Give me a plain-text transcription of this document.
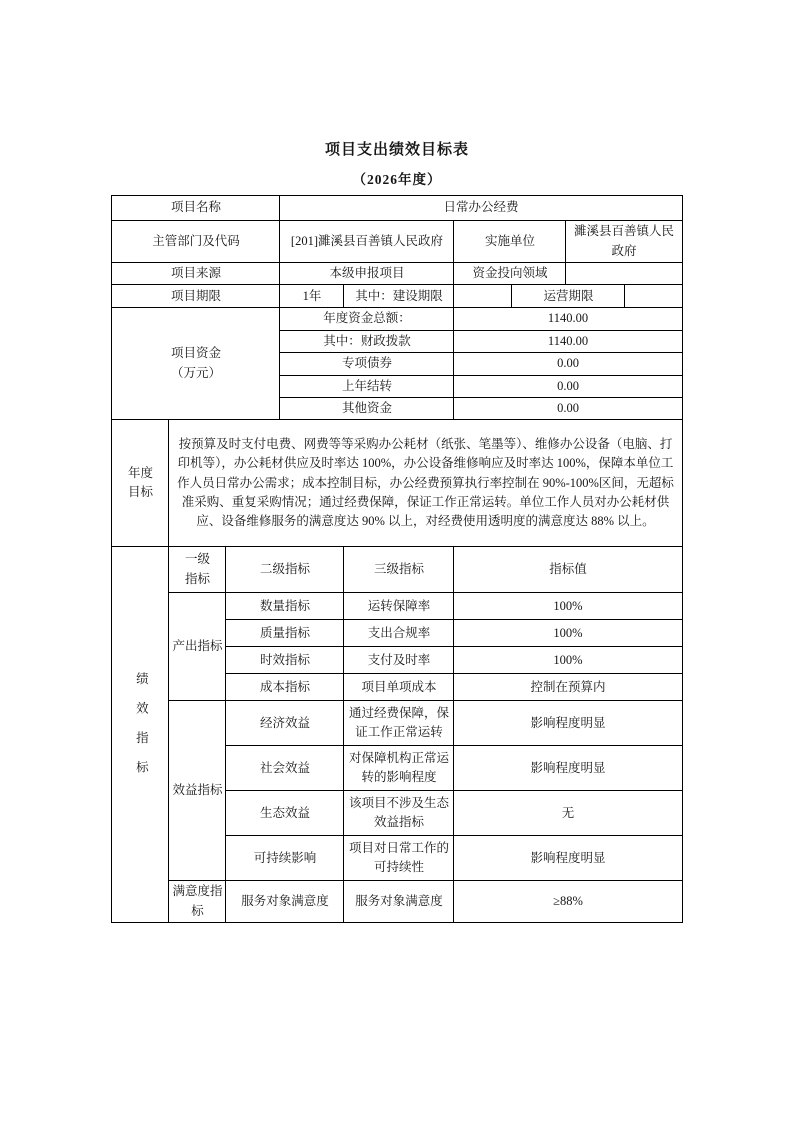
项目支出绩效目标表
（2026年度）
项目名称			日常办公经费					
主管部门及代码			[201]濉溪县百善镇人民政府		实施单位		濉溪县百善镇人民政府	
项目来源			本级申报项目		资金投向领域			
项目期限			1年	其中：建设期限		运营期限		

项目资金
（万元）			年度资金总额：		1140.00			
			其中：财政拨款		1140.00			
			专项债券		0.00			
			上年结转		0.00			
			其他资金		0.00			
年度目标	按预算及时支付电费、网费等等采购办公耗材（纸张、笔墨等）、维修办公设备（电脑、打印机等），办公耗材供应及时率达 100%，办公设备维修响应及时率达 100%，保障本单位工作人员日常办公需求；成本控制目标，办公经费预算执行率控制在 90%-100%区间，无超标准采购、重复采购情况；通过经费保障，保证工作正常运转。单位工作人员对办公耗材供应、设备维修服务的满意度达 90% 以上，对经费使用透明度的满意度达 88% 以上。							
绩效指标	一级指标	二级指标		三级指标	指标值			
	产出指标	数量指标		运转保障率	100%			
		质量指标		支出合规率	100%			
		时效指标		支付及时率	100%			
		成本指标		项目单项成本	控制在预算内			
	效益指标	经济效益		通过经费保障，保证工作正常运转	影响程度明显			
		社会效益		对保障机构正常运转的影响程度	影响程度明显			
		生态效益		该项目不涉及生态效益指标	无			
		可持续影响		项目对日常工作的可持续性	影响程度明显			
	满意度指标	服务对象满意度		服务对象满意度	≥88%			
